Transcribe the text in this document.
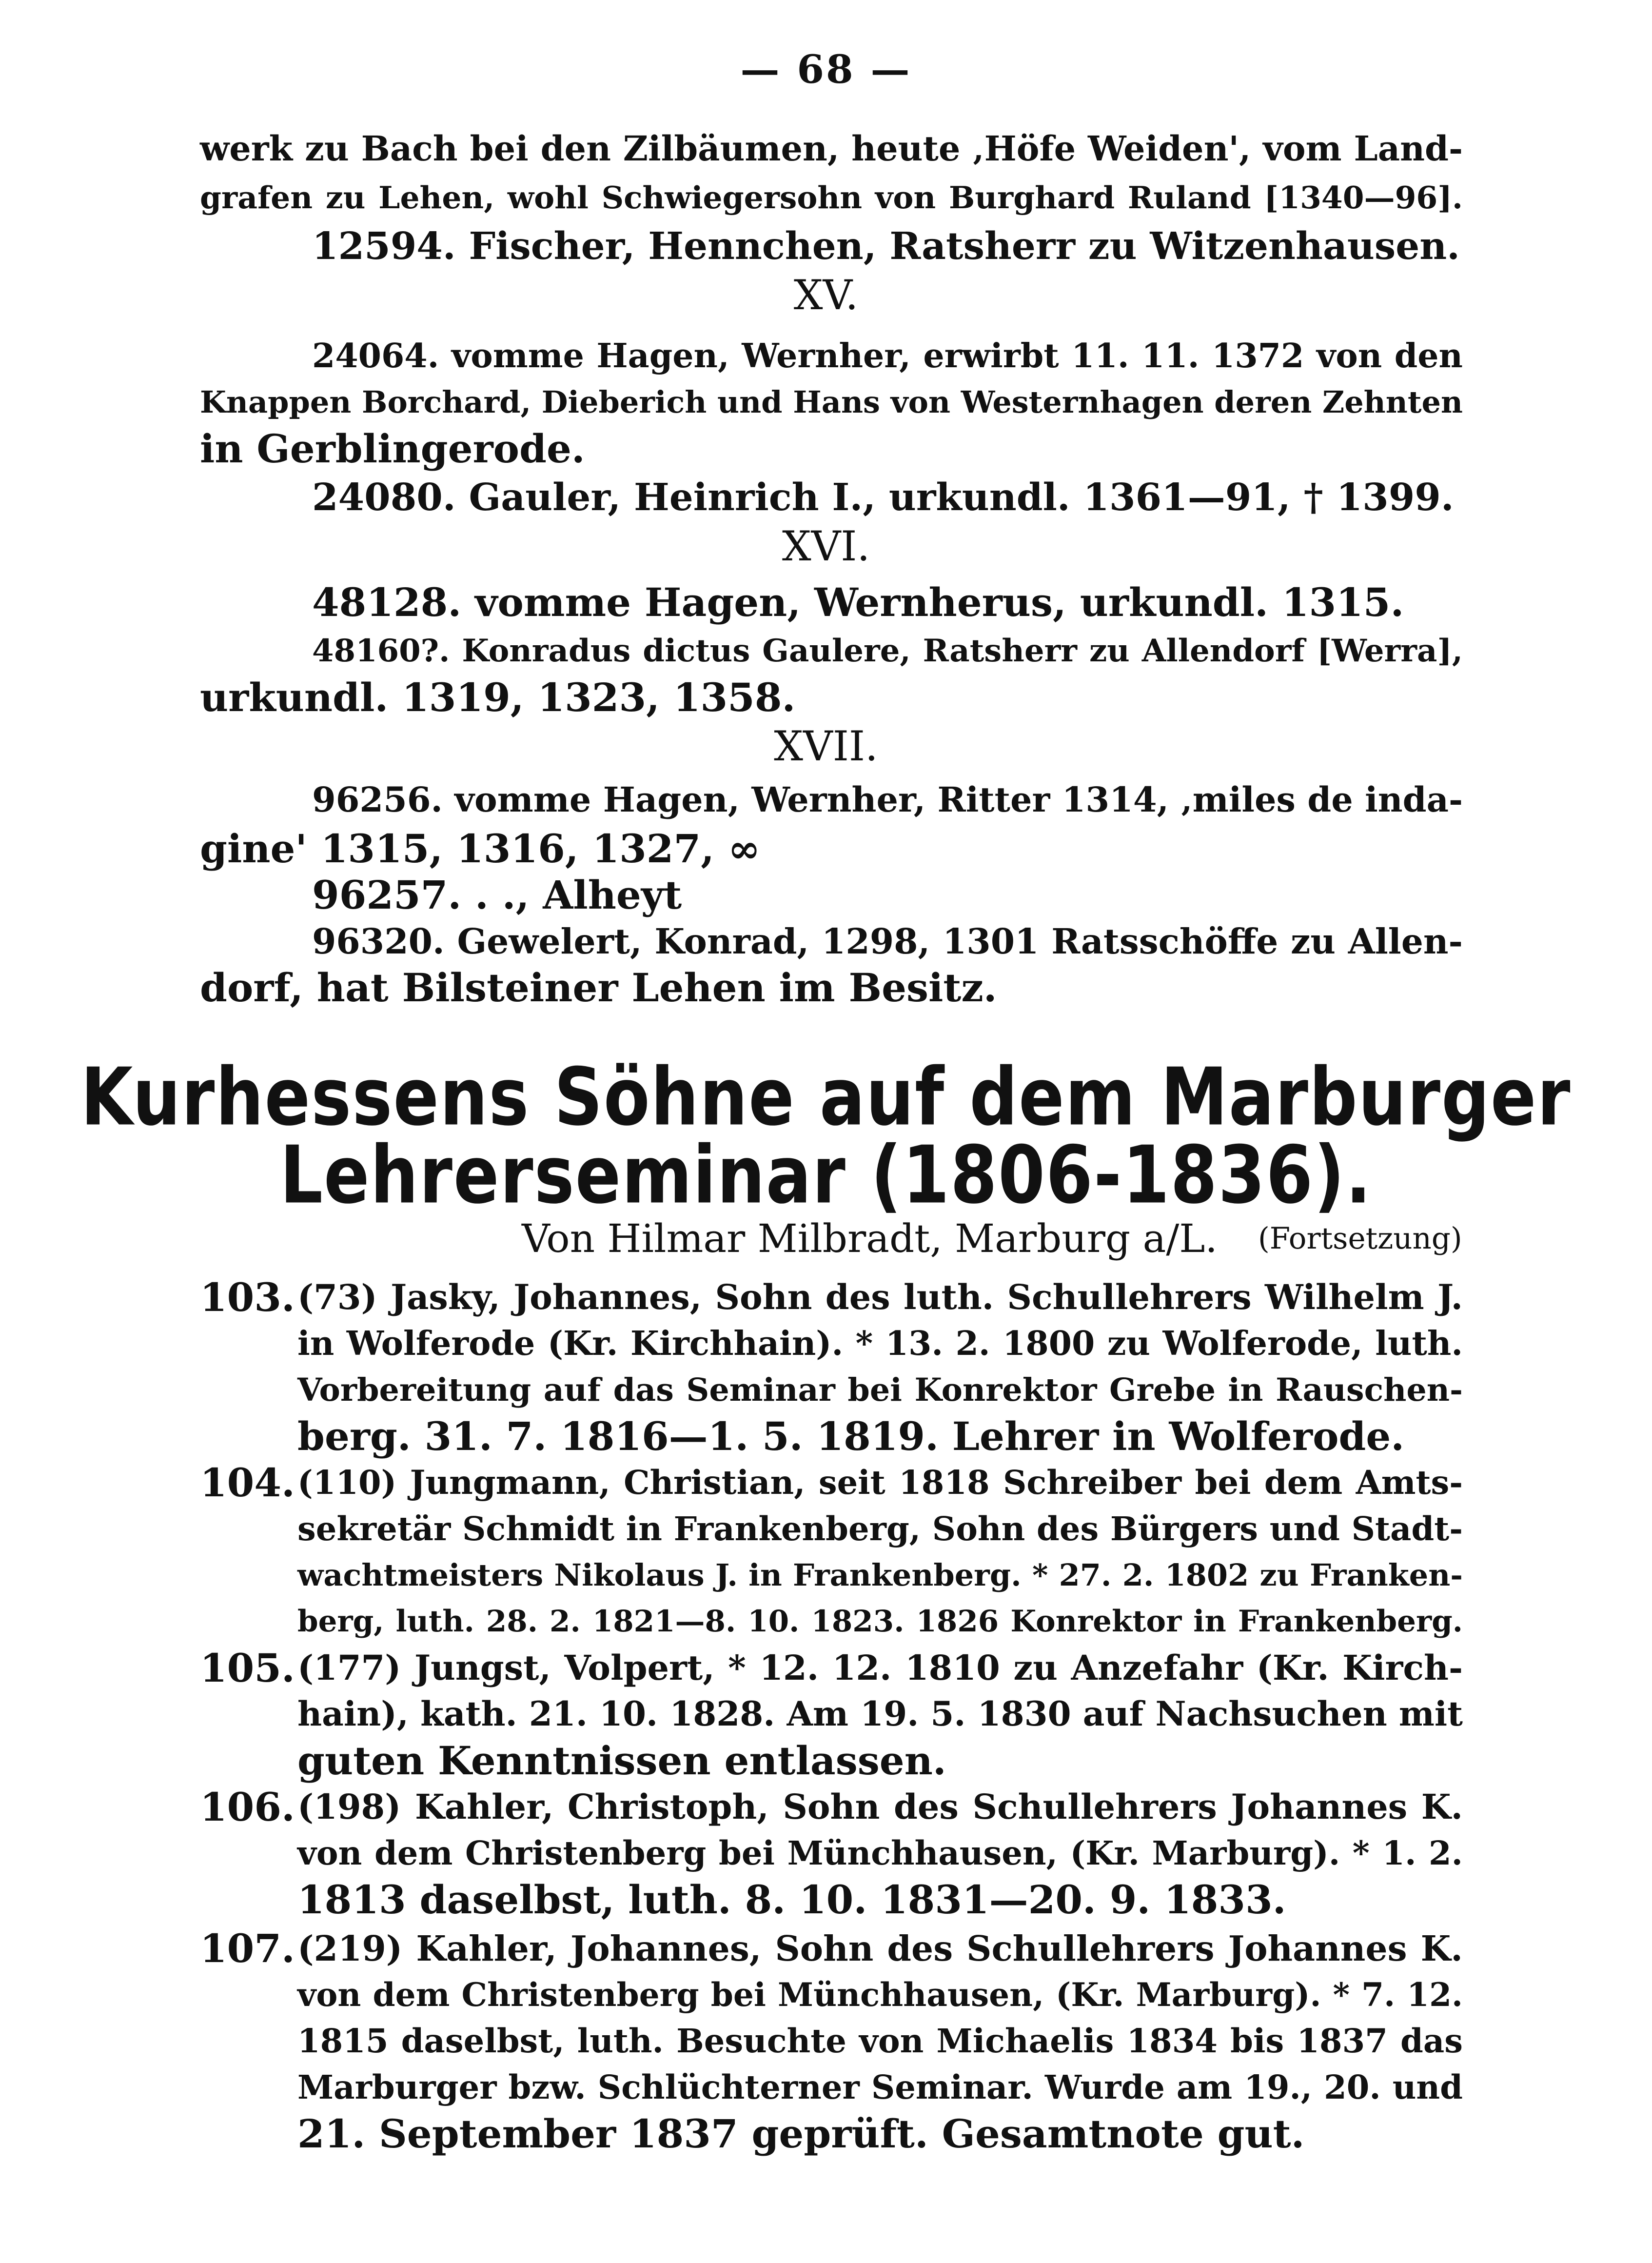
— 68 —
werk zu Bach bei den Zilbäumen, heute ‚Höfe Weiden', vom Land-
grafen zu Lehen, wohl Schwiegersohn von Burghard Ruland [1340—96].
12594. Fischer, Hennchen, Ratsherr zu Witzenhausen.
XV.
24064. vomme Hagen, Wernher, erwirbt 11. 11. 1372 von den
Knappen Borchard, Dieberich und Hans von Westernhagen deren Zehnten
in Gerblingerode.
24080. Gauler, Heinrich I., urkundl. 1361—91, † 1399.
XVI.
48128. vomme Hagen, Wernherus, urkundl. 1315.
48160?. Konradus dictus Gaulere, Ratsherr zu Allendorf [Werra],
urkundl. 1319, 1323, 1358.
XVII.
96256. vomme Hagen, Wernher, Ritter 1314, ‚miles de inda-
gine' 1315, 1316, 1327, ∞
96257. . ., Alheyt
96320. Gewelert, Konrad, 1298, 1301 Ratsschöffe zu Allen-
dorf, hat Bilsteiner Lehen im Besitz.
Kurhessens Söhne auf dem Marburger
Lehrerseminar (1806-1836).
Von Hilmar Milbradt, Marburg a/L. (Fortsetzung)
103. (73) Jasky, Johannes, Sohn des luth. Schullehrers Wilhelm J.
in Wolferode (Kr. Kirchhain). * 13. 2. 1800 zu Wolferode, luth.
Vorbereitung auf das Seminar bei Konrektor Grebe in Rauschen-
berg. 31. 7. 1816—1. 5. 1819. Lehrer in Wolferode.
104. (110) Jungmann, Christian, seit 1818 Schreiber bei dem Amts-
sekretär Schmidt in Frankenberg, Sohn des Bürgers und Stadt-
wachtmeisters Nikolaus J. in Frankenberg. * 27. 2. 1802 zu Franken-
berg, luth. 28. 2. 1821—8. 10. 1823. 1826 Konrektor in Frankenberg.
105. (177) Jungst, Volpert, * 12. 12. 1810 zu Anzefahr (Kr. Kirch-
hain), kath. 21. 10. 1828. Am 19. 5. 1830 auf Nachsuchen mit
guten Kenntnissen entlassen.
106. (198) Kahler, Christoph, Sohn des Schullehrers Johannes K.
von dem Christenberg bei Münchhausen, (Kr. Marburg). * 1. 2.
1813 daselbst, luth. 8. 10. 1831—20. 9. 1833.
107. (219) Kahler, Johannes, Sohn des Schullehrers Johannes K.
von dem Christenberg bei Münchhausen, (Kr. Marburg). * 7. 12.
1815 daselbst, luth. Besuchte von Michaelis 1834 bis 1837 das
Marburger bzw. Schlüchterner Seminar. Wurde am 19., 20. und
21. September 1837 geprüft. Gesamtnote gut.
